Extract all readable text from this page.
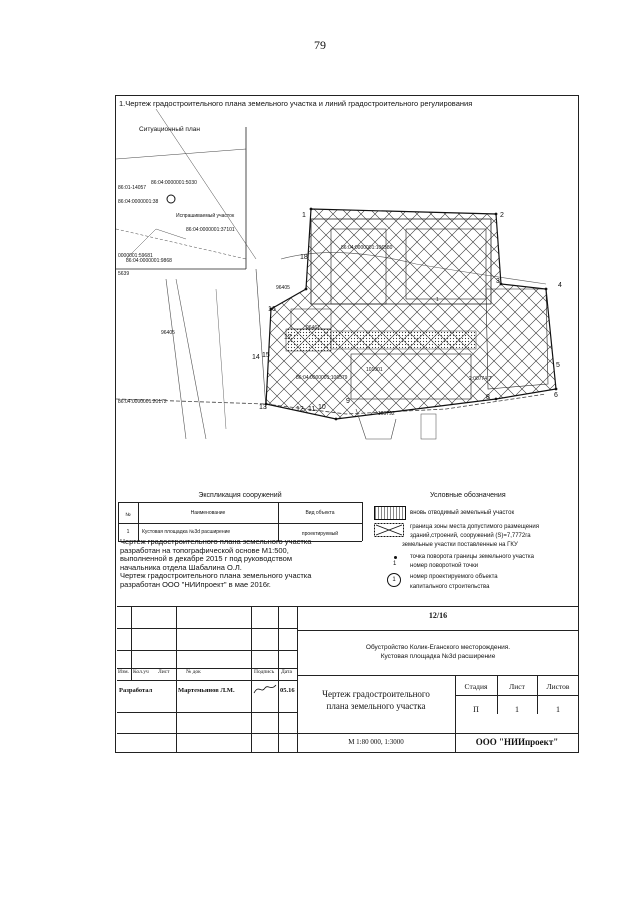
79
1.Чертеж градостроительного плана земельного участка и линий градостроительного регулирования
86:04:0000001:5030
86:01-14057
86:04:0000001:38
Испрашиваемый участок
86:04:0000001:37101
0000001:59681
86:04:0000001:9868
5639
96405
96405
96467
86:04:0000001:106580
86:04:0000001:106579
101001
86:04:0000001:20172
105792
2:00774
1
1	2
3
4
5
6
7
8
9
10
11
12
13
14 15
16
17
18
Ситуационный план
Экспликация сооружений
№	Наименование	Вид объекта
1	Кустовая площадка №3d расширение	проектируемый
Чертеж градостроительного плана земельного участка
разработан на топографической основе М1:500,
выполненной в декабре 2015 г под руководством
начальника отдела Шабалина О.Л.
Чертеж градостроительного плана земельного участка
разработан ООО "НИИпроект" в мае 2016г.
Условные обозначения
вновь отводимый земельный участок
граница зоны места допустимого размещения
зданий,строений, сооружений (S)=7,7772га
земельные участки поставленные на ГКУ
точка поворота границы земельного участка
1 номер поворотной точки
1	номер проектируемого объекта
капитального строительства
Изм. Кол.уч Лист	№ док	Подпись Дата
Разработал	Мартемьянов Л.М.	05.16
12/16
Обустройство Колик-Еганского месторождения.
Кустовая площадка №3d расширение
Чертеж градостроительного
плана земельного участка
Стадия	Лист	Листов
П	1	1
М 1:80 000, 1:3000	ООО "НИИпроект"
